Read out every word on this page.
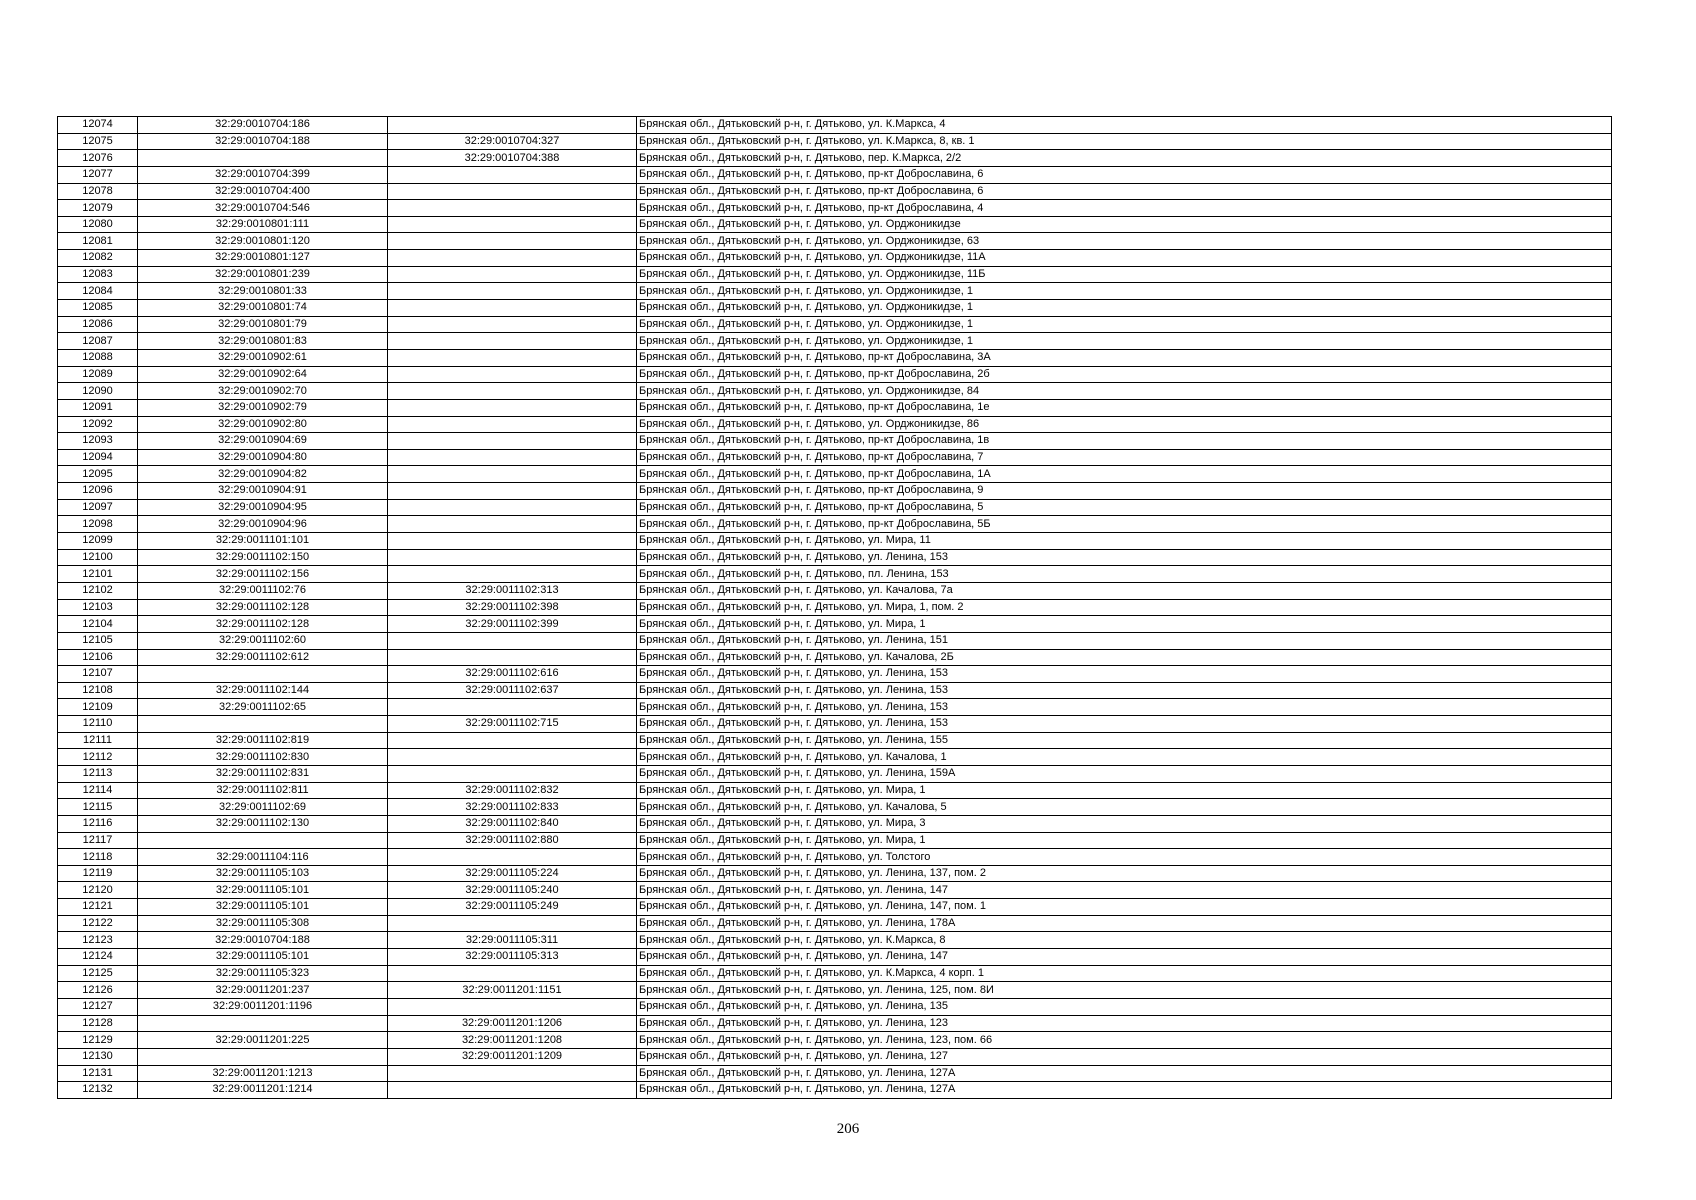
12074	32:29:0010704:186		Брянская обл., Дятьковский р-н, г. Дятьково, ул. К.Маркса, 4
12075	32:29:0010704:188	32:29:0010704:327	Брянская обл., Дятьковский р-н, г. Дятьково, ул. К.Маркса, 8, кв. 1
12076		32:29:0010704:388	Брянская обл., Дятьковский р-н, г. Дятьково, пер. К.Маркса, 2/2
12077	32:29:0010704:399		Брянская обл., Дятьковский р-н, г. Дятьково, пр-кт Доброславина, 6
12078	32:29:0010704:400		Брянская обл., Дятьковский р-н, г. Дятьково, пр-кт Доброславина, 6
12079	32:29:0010704:546		Брянская обл., Дятьковский р-н, г. Дятьково, пр-кт Доброславина, 4
12080	32:29:0010801:111		Брянская обл., Дятьковский р-н, г. Дятьково, ул. Орджоникидзе
12081	32:29:0010801:120		Брянская обл., Дятьковский р-н, г. Дятьково, ул. Орджоникидзе, 63
12082	32:29:0010801:127		Брянская обл., Дятьковский р-н, г. Дятьково, ул. Орджоникидзе, 11А
12083	32:29:0010801:239		Брянская обл., Дятьковский р-н, г. Дятьково, ул. Орджоникидзе, 11Б
12084	32:29:0010801:33		Брянская обл., Дятьковский р-н, г. Дятьково, ул. Орджоникидзе, 1
12085	32:29:0010801:74		Брянская обл., Дятьковский р-н, г. Дятьково, ул. Орджоникидзе, 1
12086	32:29:0010801:79		Брянская обл., Дятьковский р-н, г. Дятьково, ул. Орджоникидзе, 1
12087	32:29:0010801:83		Брянская обл., Дятьковский р-н, г. Дятьково, ул. Орджоникидзе, 1
12088	32:29:0010902:61		Брянская обл., Дятьковский р-н, г. Дятьково, пр-кт Доброславина, 3А
12089	32:29:0010902:64		Брянская обл., Дятьковский р-н, г. Дятьково, пр-кт Доброславина, 2б
12090	32:29:0010902:70		Брянская обл., Дятьковский р-н, г. Дятьково, ул. Орджоникидзе, 84
12091	32:29:0010902:79		Брянская обл., Дятьковский р-н, г. Дятьково, пр-кт Доброславина, 1е
12092	32:29:0010902:80		Брянская обл., Дятьковский р-н, г. Дятьково, ул. Орджоникидзе, 86
12093	32:29:0010904:69		Брянская обл., Дятьковский р-н, г. Дятьково, пр-кт Доброславина, 1в
12094	32:29:0010904:80		Брянская обл., Дятьковский р-н, г. Дятьково, пр-кт Доброславина, 7
12095	32:29:0010904:82		Брянская обл., Дятьковский р-н, г. Дятьково, пр-кт Доброславина, 1А
12096	32:29:0010904:91		Брянская обл., Дятьковский р-н, г. Дятьково, пр-кт Доброславина, 9
12097	32:29:0010904:95		Брянская обл., Дятьковский р-н, г. Дятьково, пр-кт Доброславина, 5
12098	32:29:0010904:96		Брянская обл., Дятьковский р-н, г. Дятьково, пр-кт Доброславина, 5Б
12099	32:29:0011101:101		Брянская обл., Дятьковский р-н, г. Дятьково, ул. Мира, 11
12100	32:29:0011102:150		Брянская обл., Дятьковский р-н, г. Дятьково, ул. Ленина, 153
12101	32:29:0011102:156		Брянская обл., Дятьковский р-н, г. Дятьково, пл. Ленина, 153
12102	32:29:0011102:76	32:29:0011102:313	Брянская обл., Дятьковский р-н, г. Дятьково, ул. Качалова, 7а
12103	32:29:0011102:128	32:29:0011102:398	Брянская обл., Дятьковский р-н, г. Дятьково, ул. Мира, 1, пом. 2
12104	32:29:0011102:128	32:29:0011102:399	Брянская обл., Дятьковский р-н, г. Дятьково, ул. Мира, 1
12105	32:29:0011102:60		Брянская обл., Дятьковский р-н, г. Дятьково, ул. Ленина, 151
12106	32:29:0011102:612		Брянская обл., Дятьковский р-н, г. Дятьково, ул. Качалова, 2Б
12107		32:29:0011102:616	Брянская обл., Дятьковский р-н, г. Дятьково, ул. Ленина, 153
12108	32:29:0011102:144	32:29:0011102:637	Брянская обл., Дятьковский р-н, г. Дятьково, ул. Ленина, 153
12109	32:29:0011102:65		Брянская обл., Дятьковский р-н, г. Дятьково, ул. Ленина, 153
12110		32:29:0011102:715	Брянская обл., Дятьковский р-н, г. Дятьково, ул. Ленина, 153
12111	32:29:0011102:819		Брянская обл., Дятьковский р-н, г. Дятьково, ул. Ленина, 155
12112	32:29:0011102:830		Брянская обл., Дятьковский р-н, г. Дятьково, ул. Качалова, 1
12113	32:29:0011102:831		Брянская обл., Дятьковский р-н, г. Дятьково, ул. Ленина, 159А
12114	32:29:0011102:811	32:29:0011102:832	Брянская обл., Дятьковский р-н, г. Дятьково, ул. Мира, 1
12115	32:29:0011102:69	32:29:0011102:833	Брянская обл., Дятьковский р-н, г. Дятьково, ул. Качалова, 5
12116	32:29:0011102:130	32:29:0011102:840	Брянская обл., Дятьковский р-н, г. Дятьково, ул. Мира, 3
12117		32:29:0011102:880	Брянская обл., Дятьковский р-н, г. Дятьково, ул. Мира, 1
12118	32:29:0011104:116		Брянская обл., Дятьковский р-н, г. Дятьково, ул. Толстого
12119	32:29:0011105:103	32:29:0011105:224	Брянская обл., Дятьковский р-н, г. Дятьково, ул. Ленина, 137, пом. 2
12120	32:29:0011105:101	32:29:0011105:240	Брянская обл., Дятьковский р-н, г. Дятьково, ул. Ленина, 147
12121	32:29:0011105:101	32:29:0011105:249	Брянская обл., Дятьковский р-н, г. Дятьково, ул. Ленина, 147, пом. 1
12122	32:29:0011105:308		Брянская обл., Дятьковский р-н, г. Дятьково, ул. Ленина, 178А
12123	32:29:0010704:188	32:29:0011105:311	Брянская обл., Дятьковский р-н, г. Дятьково, ул. К.Маркса, 8
12124	32:29:0011105:101	32:29:0011105:313	Брянская обл., Дятьковский р-н, г. Дятьково, ул. Ленина, 147
12125	32:29:0011105:323		Брянская обл., Дятьковский р-н, г. Дятьково, ул. К.Маркса, 4 корп. 1
12126	32:29:0011201:237	32:29:0011201:1151	Брянская обл., Дятьковский р-н, г. Дятьково, ул. Ленина, 125, пом. 8И
12127	32:29:0011201:1196		Брянская обл., Дятьковский р-н, г. Дятьково, ул. Ленина, 135
12128		32:29:0011201:1206	Брянская обл., Дятьковский р-н, г. Дятьково, ул. Ленина, 123
12129	32:29:0011201:225	32:29:0011201:1208	Брянская обл., Дятьковский р-н, г. Дятьково, ул. Ленина, 123, пом. 66
12130		32:29:0011201:1209	Брянская обл., Дятьковский р-н, г. Дятьково, ул. Ленина, 127
12131	32:29:0011201:1213		Брянская обл., Дятьковский р-н, г. Дятьково, ул. Ленина, 127А
12132	32:29:0011201:1214		Брянская обл., Дятьковский р-н, г. Дятьково, ул. Ленина, 127А
206
